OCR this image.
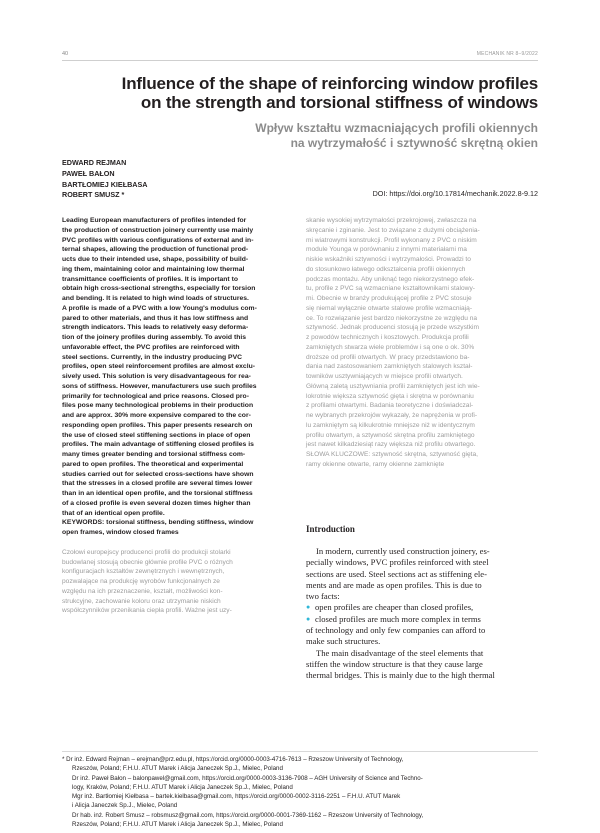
40	MECHANIK NR 8–9/2022
Influence of the shape of reinforcing window profiles
on the strength and torsional stiffness of windows
Wpływ kształtu wzmacniających profili okiennych
na wytrzymałość i sztywność skrętną okien
EDWARD REJMAN
PAWEŁ BAŁON
BARTŁOMIEJ KIEŁBASA
ROBERT SMUSZ *	DOI: https://doi.org/10.17814/mechanik.2022.8-9.12
Leading European manufacturers of profiles intended for
the production of construction joinery currently use mainly
PVC profiles with various configurations of external and in-
ternal shapes, allowing the production of functional prod-
ucts due to their intended use, shape, possibility of build-
ing them, maintaining color and maintaining low thermal
transmittance coefficients of profiles. It is important to
obtain high cross-sectional strengths, especially for torsion
and bending. It is related to high wind loads of structures.
A profile is made of a PVC with a low Young's modulus com-
pared to other materials, and thus it has low stiffness and
strength indicators. This leads to relatively easy deforma-
tion of the joinery profiles during assembly. To avoid this
unfavorable effect, the PVC profiles are reinforced with
steel sections. Currently, in the industry producing PVC
profiles, open steel reinforcement profiles are almost exclu-
sively used. This solution is very disadvantageous for rea-
sons of stiffness. However, manufacturers use such profiles
primarily for technological and price reasons. Closed pro-
files pose many technological problems in their production
and are approx. 30% more expensive compared to the cor-
responding open profiles. This paper presents research on
the use of closed steel stiffening sections in place of open
profiles. The main advantage of stiffening closed profiles is
many times greater bending and torsional stiffness com-
pared to open profiles. The theoretical and experimental
studies carried out for selected cross-sections have shown
that the stresses in a closed profile are several times lower
than in an identical open profile, and the torsional stiffness
of a closed profile is even several dozen times higher than
that of an identical open profile.
KEYWORDS: torsional stiffness, bending stiffness, window
open frames, window closed frames
Czołowi europejscy producenci profili do produkcji stolarki
budowlanej stosują obecnie głównie profile PVC o różnych
konfiguracjach kształtów zewnętrznych i wewnętrznych,
pozwalające na produkcję wyrobów funkcjonalnych ze
względu na ich przeznaczenie, kształt, możliwości kon-
strukcyjne, zachowanie koloru oraz utrzymanie niskich
współczynników przenikania ciepła profili. Ważne jest uzy-
skanie wysokiej wytrzymałości przekrojowej, zwłaszcza na
skręcanie i zginanie. Jest to związane z dużymi obciążenia-
mi wiatrowymi konstrukcji. Profil wykonany z PVC o niskim
module Younga w porównaniu z innymi materiałami ma
niskie wskaźniki sztywności i wytrzymałości. Prowadzi to
do stosunkowo łatwego odkształcenia profili okiennych
podczas montażu. Aby uniknąć tego niekorzystnego efek-
tu, profile z PVC są wzmacniane kształtownikami stalowy-
mi. Obecnie w branży produkującej profile z PVC stosuje
się niemal wyłącznie otwarte stalowe profile wzmacniają-
ce. To rozwiązanie jest bardzo niekorzystne ze względu na
sztywność. Jednak producenci stosują je przede wszystkim
z powodów technicznych i kosztowych. Produkcja profili
zamkniętych stwarza wiele problemów i są one o ok. 30%
droższe od profili otwartych. W pracy przedstawiono ba-
dania nad zastosowaniem zamkniętych stalowych kształ-
towników usztywniających w miejsce profili otwartych.
Główną zaletą usztywniania profili zamkniętych jest ich wie-
lokrotnie większa sztywność gięta i skrętna w porównaniu
z profilami otwartymi. Badania teoretyczne i doświadczal-
ne wybranych przekrojów wykazały, że naprężenia w profi-
lu zamkniętym są kilkukrotnie mniejsze niż w identycznym
profilu otwartym, a sztywność skrętna profilu zamkniętego
jest nawet kilkadziesiąt razy większa niż profilu otwartego.
SŁOWA KLUCZOWE: sztywność skrętna, sztywność gięta,
ramy okienne otwarte, ramy okienne zamknięte
Introduction
In modern, currently used construction joinery, es-
pecially windows, PVC profiles reinforced with steel
sections are used. Steel sections act as stiffening ele-
ments and are made as open profiles. This is due to
two facts:
● open profiles are cheaper than closed profiles,
● closed profiles are much more complex in terms
of technology and only few companies can afford to
make such structures.
The main disadvantage of the steel elements that
stiffen the window structure is that they cause large
thermal bridges. This is mainly due to the high thermal
* Dr inż. Edward Rejman – erejman@prz.edu.pl, https://orcid.org/0000-0003-4716-7613 – Rzeszow University of Technology,
Rzeszów, Poland; F.H.U. ATUT Marek i Alicja Janeczek Sp.J., Mielec, Poland
Dr inż. Paweł Bałon – balonpawel@gmail.com, https://orcid.org/0000-0003-3136-7908 – AGH University of Science and Techno-
logy, Kraków, Poland; F.H.U. ATUT Marek i Alicja Janeczek Sp.J., Mielec, Poland
Mgr inż. Bartłomiej Kiełbasa – bartek.kielbasa@gmail.com, https://orcid.org/0000-0002-3116-2251 – F.H.U. ATUT Marek
i Alicja Janeczek Sp.J., Mielec, Poland
Dr hab. inż. Robert Smusz – robsmusz@gmail.com, https://orcid.org/0000-0001-7369-1162 – Rzeszow University of Technology,
Rzeszów, Poland; F.H.U. ATUT Marek i Alicja Janeczek Sp.J., Mielec, Poland
